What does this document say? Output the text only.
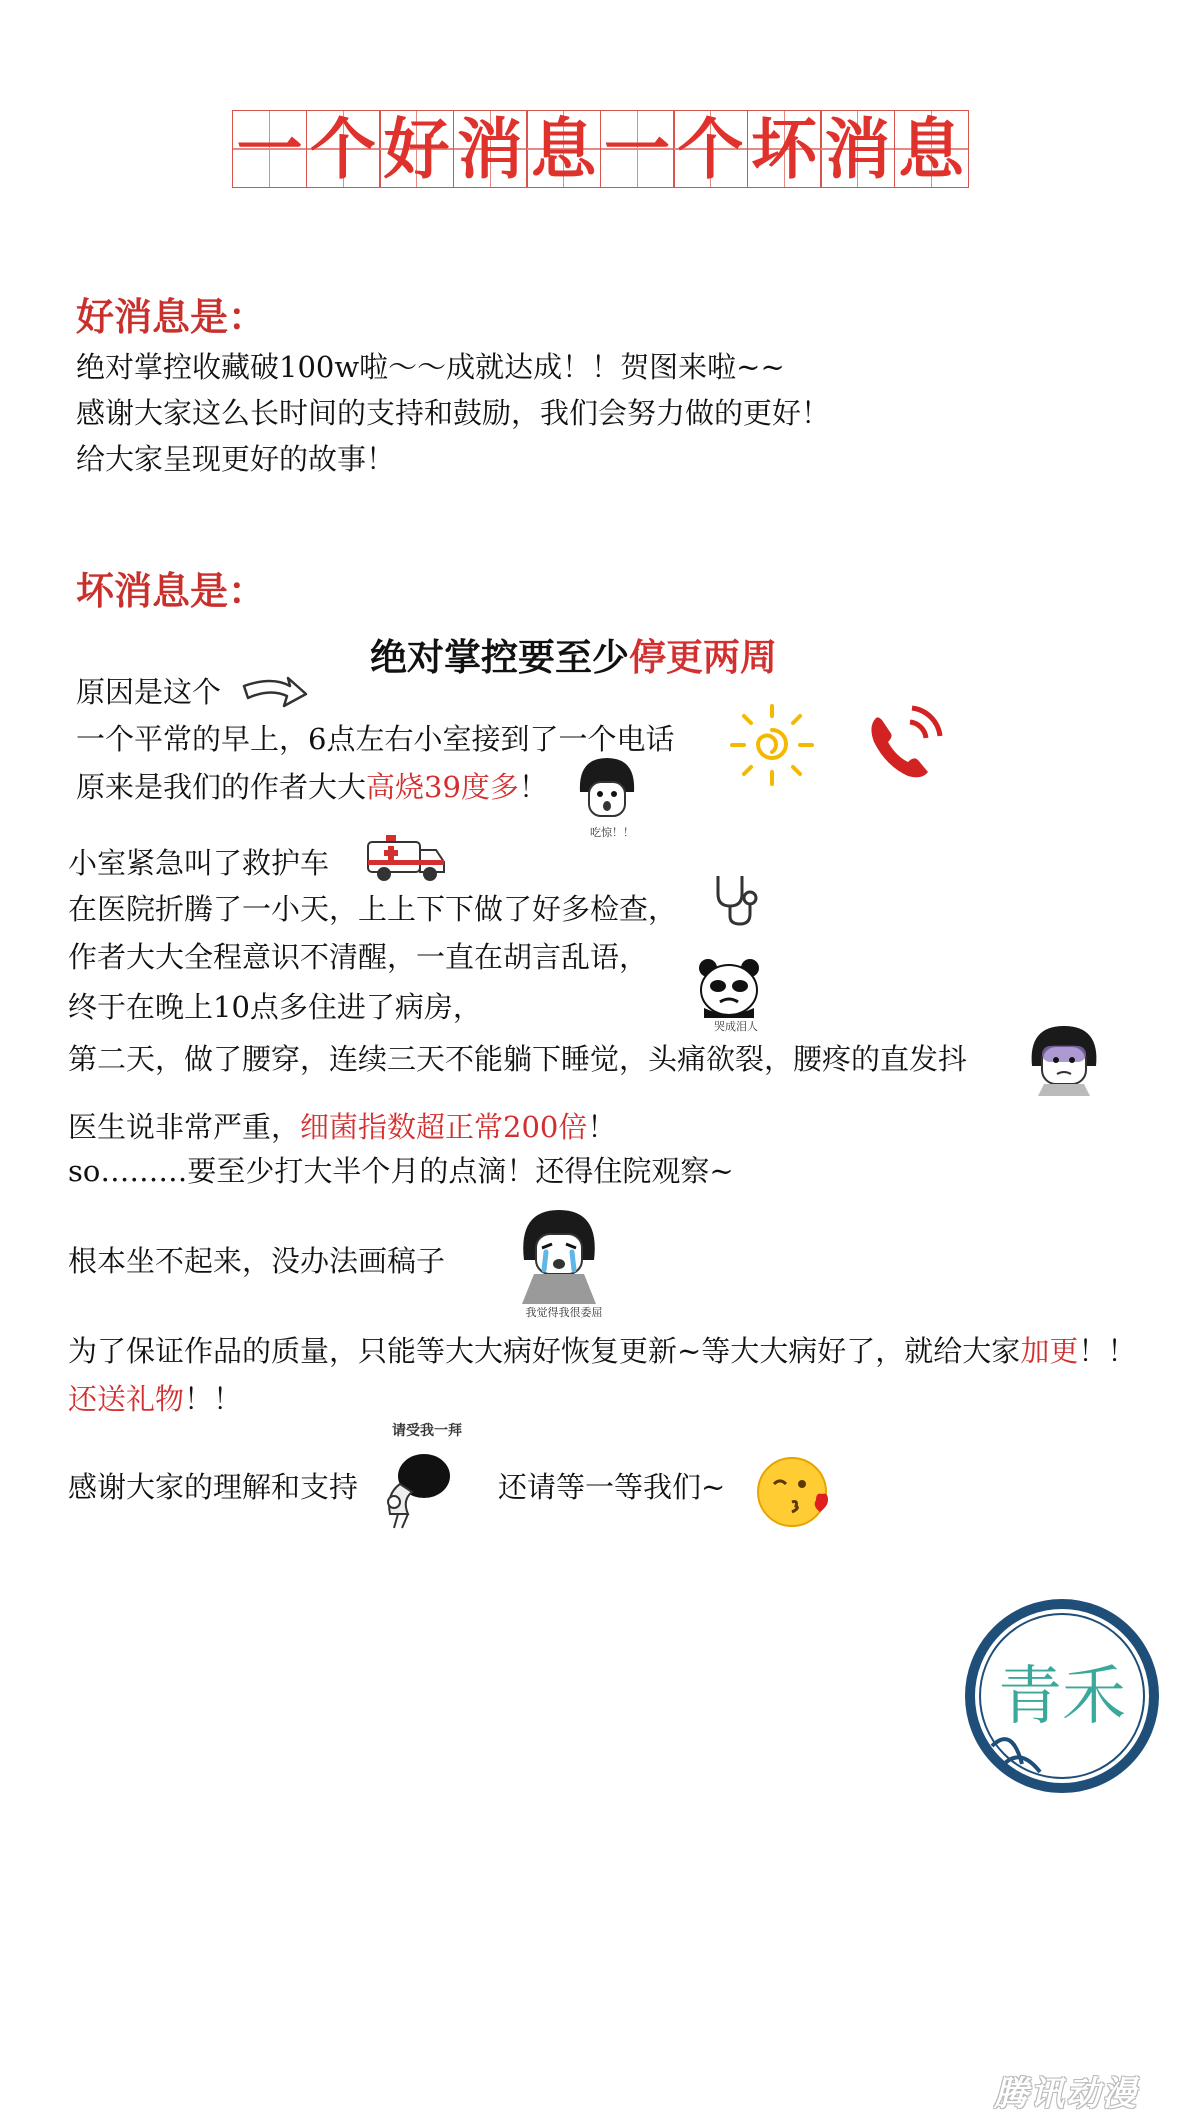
一 个 好 消 息 一 个 坏 消 息
好消息是：
绝对掌控收藏破100w啦～～成就达成！！贺图来啦~~
感谢大家这么长时间的支持和鼓励，我们会努力做的更好！
给大家呈现更好的故事！
坏消息是：
绝对掌控要至少停更两周
原因是这个
一个平常的早上，6点左右小室接到了一个电话
原来是我们的作者大大高烧39度多！
吃惊！！
小室紧急叫了救护车
在医院折腾了一小天，上上下下做了好多检查，
作者大大全程意识不清醒，一直在胡言乱语，
终于在晚上10点多住进了病房，
哭成泪人
第二天，做了腰穿，连续三天不能躺下睡觉，头痛欲裂，腰疼的直发抖
医生说非常严重，细菌指数超正常200倍！
so………要至少打大半个月的点滴！还得住院观察~
根本坐不起来，没办法画稿子
我觉得我很委屈
为了保证作品的质量，只能等大大病好恢复更新~等大大病好了，就给大家加更！！
还送礼物！！
感谢大家的理解和支持
请受我一拜
还请等一等我们~
青禾
腾讯动漫
